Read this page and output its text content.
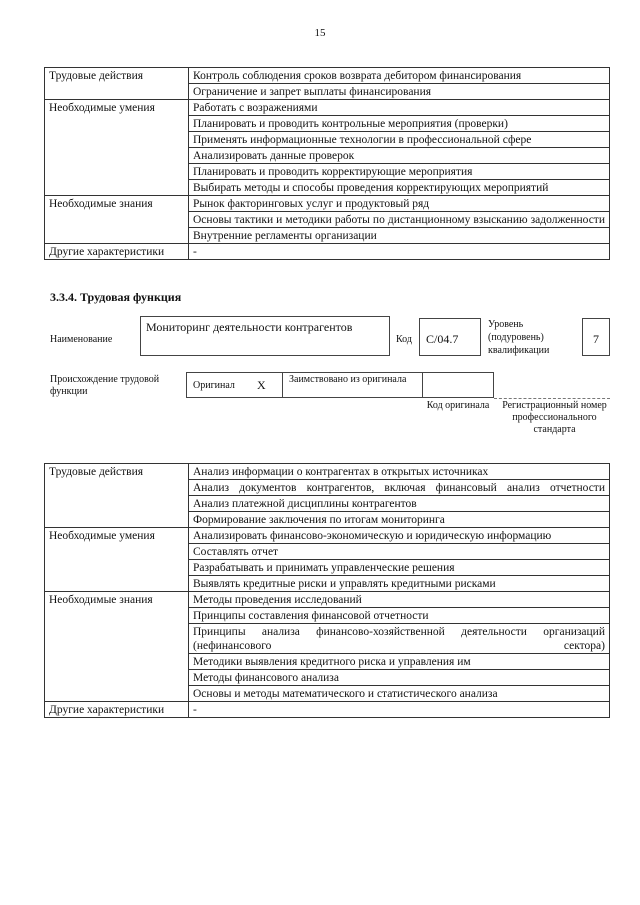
15
Трудовые действия	Контроль соблюдения сроков возврата дебитором финансирования
	Ограничение и запрет выплаты финансирования
Необходимые умения	Работать с возражениями
	Планировать и проводить контрольные мероприятия (проверки)
	Применять информационные технологии в профессиональной сфере
	Анализировать данные проверок
	Планировать и проводить корректирующие мероприятия
	Выбирать методы и способы проведения корректирующих мероприятий
Необходимые знания	Рынок факторинговых услуг и продуктовый ряд
	Основы тактики и методики работы по дистанционному взысканию задолженности
	Внутренние регламенты организации
Другие характеристики	-
3.3.4. Трудовая функция
Наименование
Мониторинг деятельности контрагентов
Код C/04.7
Уровень (подуровень) квалификации
7
Происхождение трудовой функции
Оригинал X Заимствовано из оригинала
Код оригинала	Регистрационный номер профессионального стандарта
Трудовые действия	Анализ информации о контрагентах в открытых источниках
	Анализ документов контрагентов, включая финансовый анализ отчетности
	Анализ платежной дисциплины контрагентов
	Формирование заключения по итогам мониторинга
Необходимые умения	Анализировать финансово-экономическую и юридическую информацию
	Составлять отчет
	Разрабатывать и принимать управленческие решения
	Выявлять кредитные риски и управлять кредитными рисками
Необходимые знания	Методы проведения исследований
	Принципы составления финансовой отчетности
	Принципы анализа финансово-хозяйственной деятельности организаций (нефинансового сектора)
	Методики выявления кредитного риска и управления им
	Методы финансового анализа
	Основы и методы математического и статистического анализа
Другие характеристики	-
